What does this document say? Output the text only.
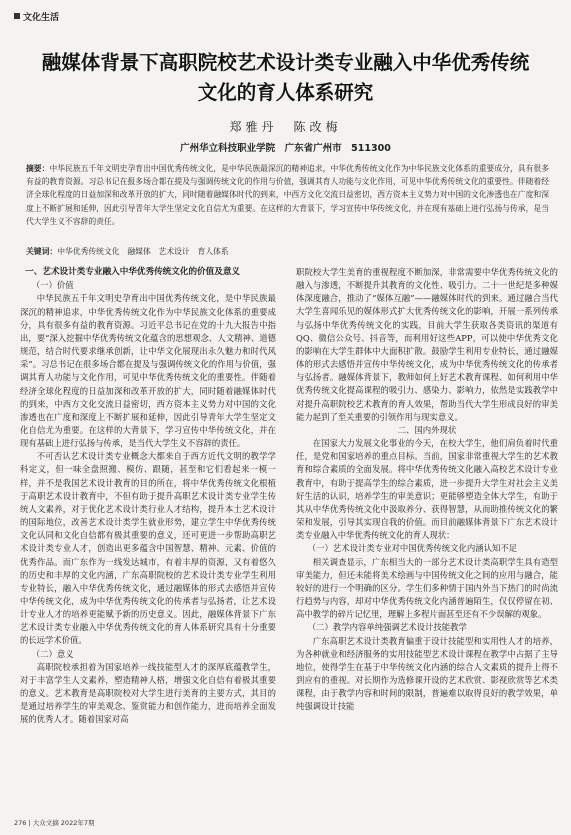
文化生活
融媒体背景下高职院校艺术设计类专业融入中华优秀传统
文化的育人体系研究
郑雅丹　陈改梅
广州华立科技职业学院　广东省广州市　511300
摘要：中华民族五千年文明史孕育出中国优秀传统文化，是中华民族最深沉的精神追求，中华优秀传统文化作为中华民族文化体系的重要成分，具有很多有益的教育资源。习总书记在报多场合都在提及与强调传统文化的作用与价值，强调其育人功能与文化作用，可见中华优秀传统文化的重要性。伴随着经济全球化程度的日益加深和改革开放的扩大，同时随着融媒体时代的到来，中西方文化交流日益密切，西方资本主义势力对中国的文化渗透也在广度和深度上不断扩展和延伸，因此引导青年大学生坚定文化自信尤为重要。在这样的大背景下，学习宣传中华传统文化，并在现有基础上进行弘扬与传承，是当代大学生义不容辞的责任。
关键词：中华优秀传统文化　融媒体　艺术设计　育人体系
一、艺术设计类专业融入中华优秀传统文化的价值及意义
（一）价值

中华民族五千年文明史孕育出中国优秀传统文化，是中华民族最深沉的精神追求，中华优秀传统文化作为中华民族文化体系的重要成分，具有很多有益的教育资源。习近平总书记在党的十九大报告中指出，要“深入挖掘中华优秀传统文化蕴含的思想观念、人文精神、道德规范，结合时代要求继承创新，让中华文化展现出永久魅力和时代风采”。习总书记在很多场合都在提及与强调传统文化的作用与价值，强调其育人功能与文化作用，可见中华优秀传统文化的重要性。伴随着经济全球化程度的日益加深和改革开放的扩大，同时随着融媒体时代的到来，中西方文化交流日益密切，西方资本主义势力对中国的文化渗透也在广度和深度上不断扩展和延伸，因此引导青年大学生坚定文化自信尤为重要。在这样的大背景下，学习宣传中华传统文化，并在现有基础上进行弘扬与传承，是当代大学生义不容辞的责任。

不可否认艺术设计类专业概念大都来自于西方近代文明的教学学科定义，但一味全盘照搬、模仿、跟随，甚至和它们看起来一模一样，并不是我国艺术设计教育的目的所在，将中华优秀传统文化根植于高职艺术设计教育中，不但有助于提升高职艺术设计类专业学生传统人文素养，对于优化艺术设计类行业人才结构，提升本土艺术设计的国际地位，改善艺术设计类学生就业形势，建立学生中华优秀传统文化认同和文化自信都有极其重要的意义，还可更进一步帮助高职艺术设计类专业人才，创造出更多蕴含中国智慧、精神、元素、价值的优秀作品。而广东作为一线发达城市，有着丰厚的资源，又有着悠久的历史和丰厚的文化内涵，广东高职院校的艺术设计类专业学生利用专业特长，融入中华优秀传统文化，通过融媒体的形式去感悟并宣传中华传统文化，成为中华优秀传统文化的传承者与弘扬者，让艺术设计专业人才的培养更能赋予新的历史意义。因此，融媒体背景下广东艺术设计类专业融入中华优秀传统文化的育人体系研究具有十分重要的长远学术价值。

（二）意义

高职院校承担着为国家培养一线技能型人才的深厚底蕴教学生，对于丰富学生人文素养，塑造精神人格，增强文化自信有着极其重要的意义。艺术教育是高职院校对大学生进行美育的主要方式，其目的是通过培养学生的审美观念、鉴赏能力和创作能力，进而培养全面发展的优秀人才。随着国家对高

职院校大学生美育的重视程度不断加深，非常需要中华优秀传统文化的融入与渗透，不断提升其教育的文化性、吸引力。二十一世纪是多种媒体深度融合，推动了“媒体互融”——融媒体时代的到来。通过融合当代大学生喜闻乐见的媒体形式扩大优秀传统文化的影响，开展一系列传承与弘扬中华优秀传统文化的实践，目前大学生获取各类资讯的渠道有QQ、微信公众号、抖音等，而利用好这些APP，可以使中华优秀文化的影响在大学生群体中大面积扩散。鼓励学生利用专业特长，通过融媒体的形式去感悟并宣传中华传统文化，成为中华优秀传统文化的传承者与弘扬者。融媒体背景下，教师如何上好艺术教育课程、如何利用中华优秀传统文化提高课程的吸引力、感染力、影响力，依然是实践教学中对提升高职院校艺术教育的育人效果，帮助当代大学生形成良好的审美能力起到了至关重要的引领作用与现实意义。

二、国内外现状

在国家大力发展文化事业的今天，在校大学生，他们肩负着时代重任，是党和国家培养的重点目标。当前，国家非常重视大学生的艺术教育和综合素质的全面发展。将中华优秀传统文化融入高校艺术设计专业教育中，有助于提高学生的综合素质，进一步提升大学生对社会主义美好生活的认识，培养学生的审美意识；更能够塑造全体大学生，有助于其从中华优秀传统文化中汲取养分、获得智慧，从而助推传统文化的繁荣和发展，引导其实现自我的价值。而目前融媒体背景下广东艺术设计类专业融入中华优秀传统文化的育人现状：

（一）艺术设计类专业对中国优秀传统文化内涵认知不足

相关调查显示，广东相当大的一部分艺术设计类高职学生具有造型审美能力，但还未能将美术绘画与中国传统文化之间的应用与融合，能较好的进行一个明确的区分。学生们多种情于国内外当下热门的时尚流行趋势与内容，却对中华优秀传统文化内涵普遍陌生，仅仅停留在初、高中教学的碎片记忆里，理解上多程片面甚至还有不少误解的观象。

（二）教学内容单纯强调艺术设计技能教学

广东高职艺术设计类教育偏重于设计技能型和实用性人才的培养，为各种就业和经济服务的实用技能型艺术设计课程在教学中占据了主导地位，使得学生在基于中华传统文化内涵的综合人文素质的提升上得不到应有的重视。对长期作为选修课开设的艺术欣赏、影视欣赏等艺术类课程，由于教学内容和时间的限制，普遍难以取得良好的教学效果，单纯强调设计技能

276 | 大众文摘 2022年7期
